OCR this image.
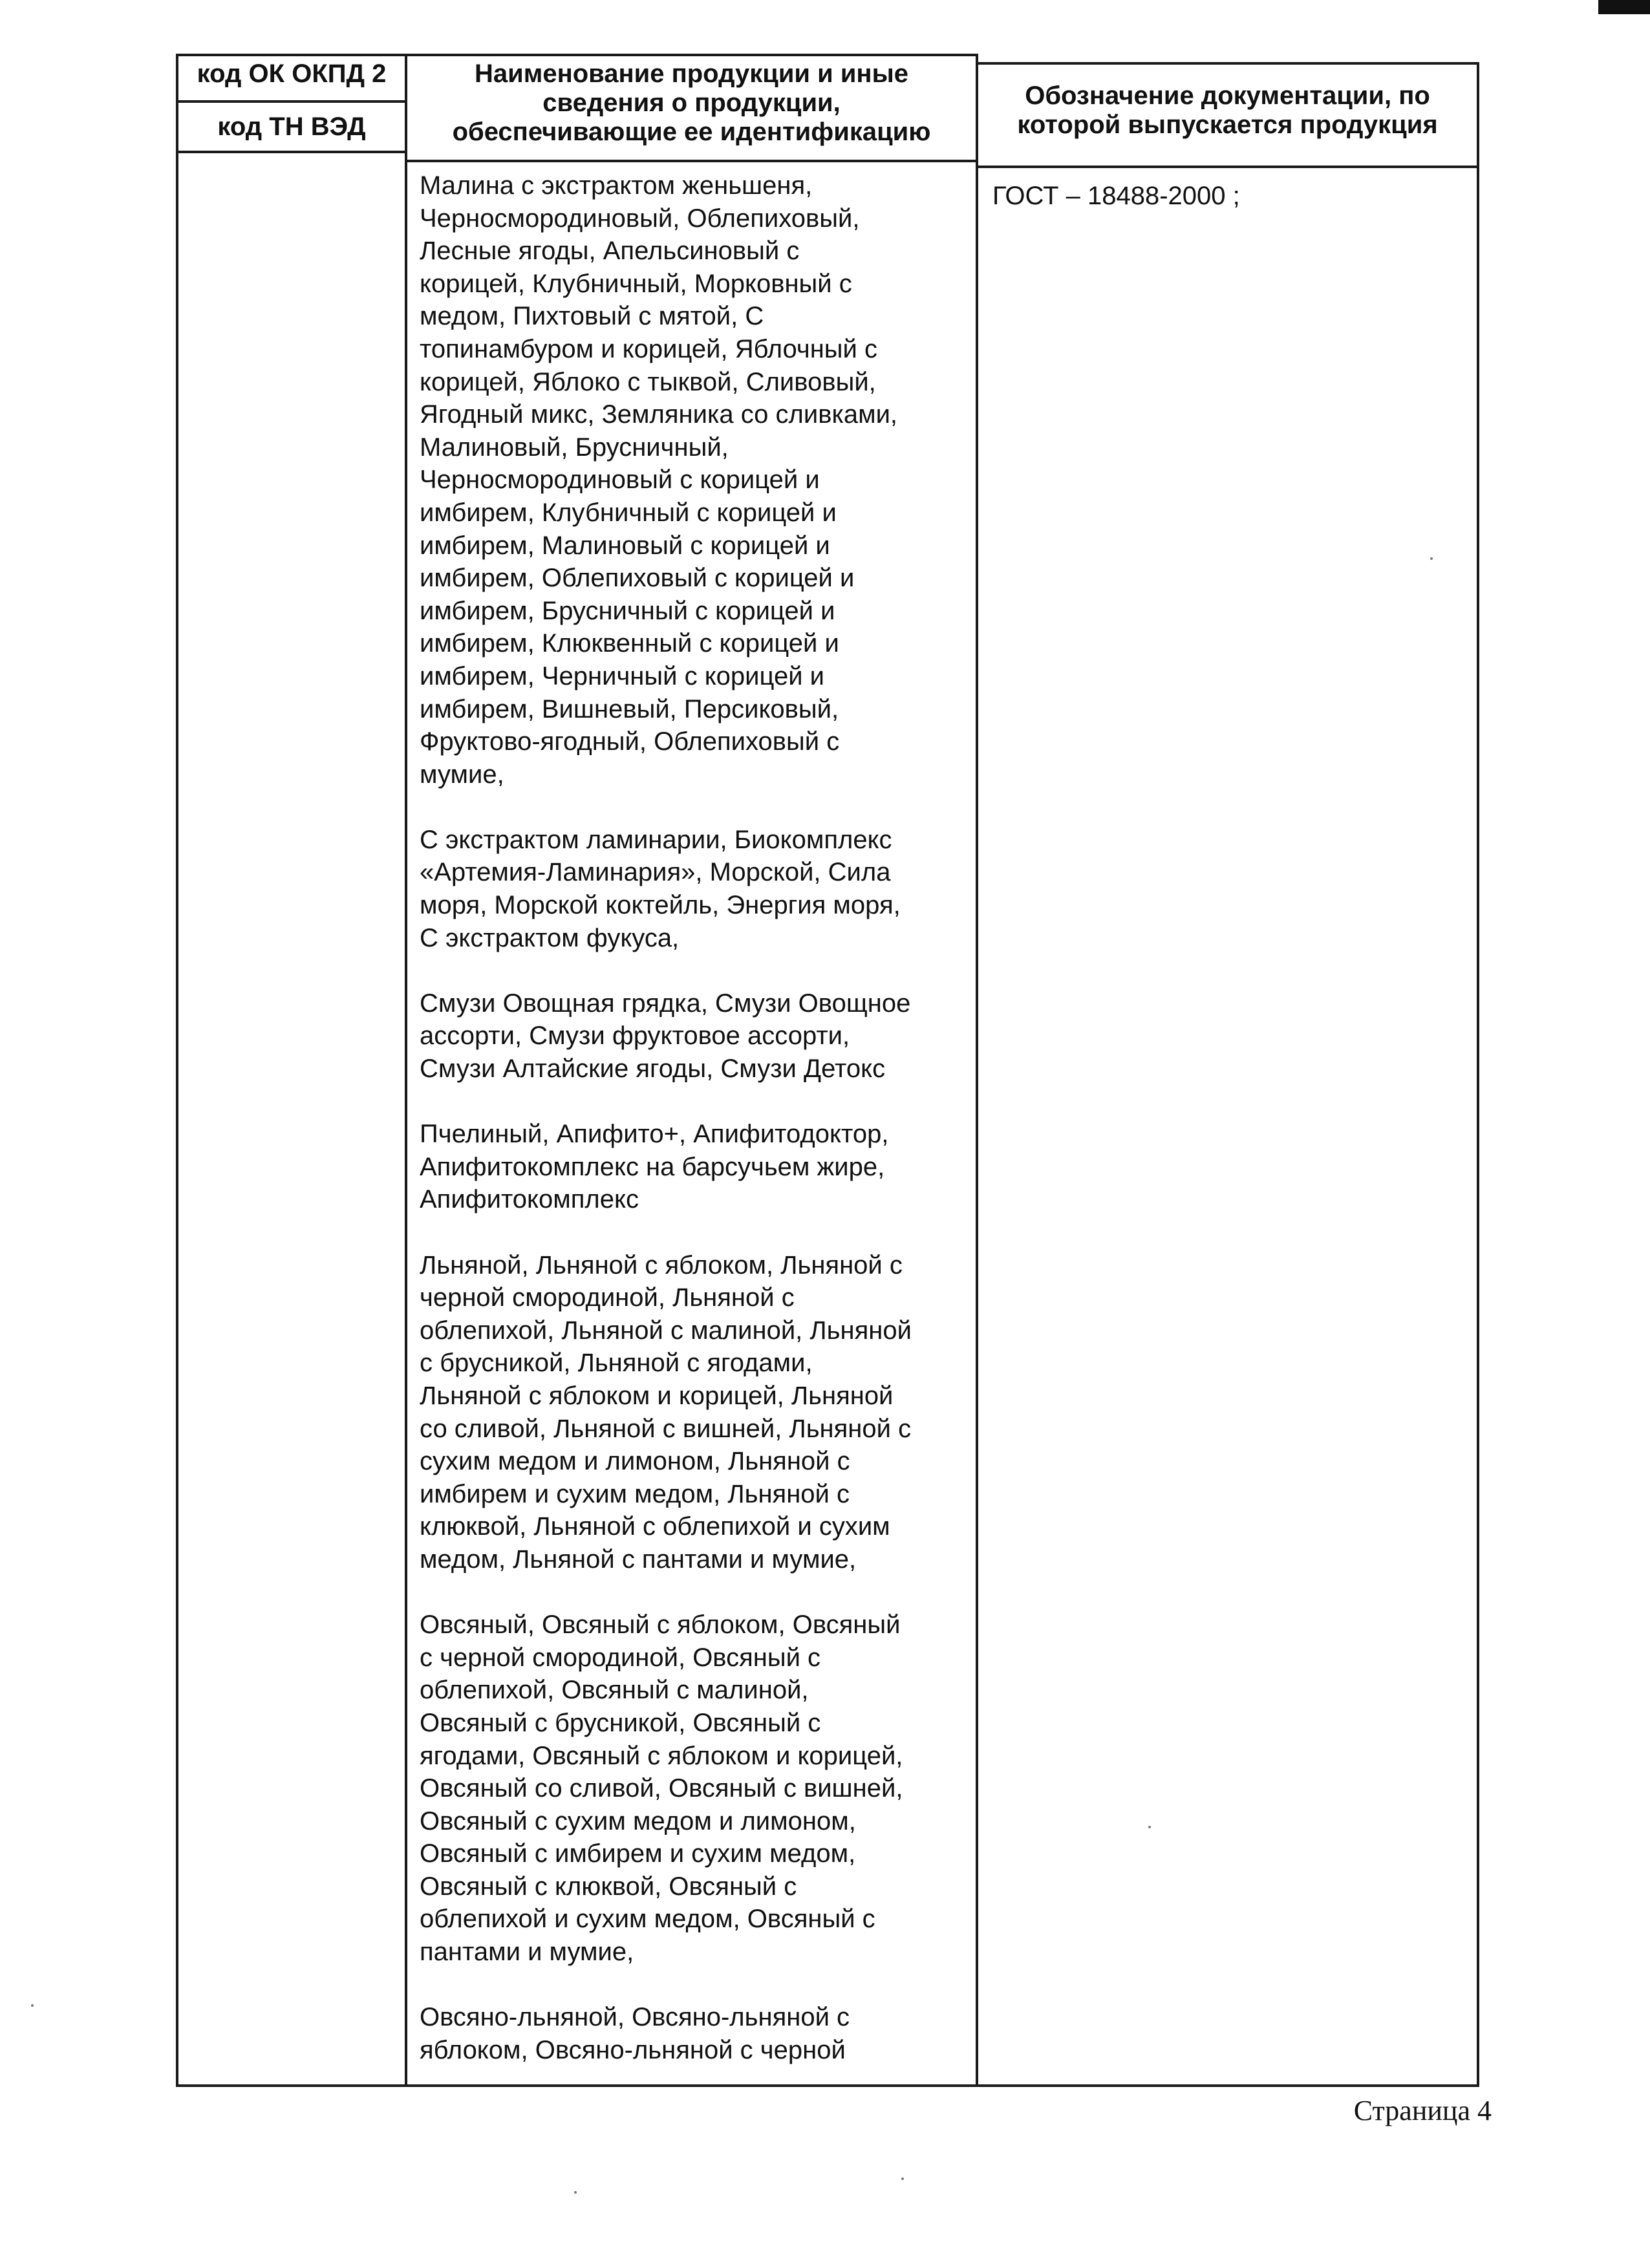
код ОК ОКПД 2
код ТН ВЭД
Наименование продукции и иные
сведения о продукции,
обеспечивающие ее идентификацию
Обозначение документации, по
которой выпускается продукция

Малина с экстрактом женьшеня,
Черносмородиновый, Облепиховый,
Лесные ягоды, Апельсиновый с
корицей, Клубничный, Морковный с
медом, Пихтовый с мятой, С
топинамбуром и корицей, Яблочный с
корицей, Яблоко с тыквой, Сливовый,
Ягодный микс, Земляника со сливками,
Малиновый, Брусничный,
Черносмородиновый с корицей и
имбирем, Клубничный с корицей и
имбирем, Малиновый с корицей и
имбирем, Облепиховый с корицей и
имбирем, Брусничный с корицей и
имбирем, Клюквенный с корицей и
имбирем, Черничный с корицей и
имбирем, Вишневый, Персиковый,
Фруктово-ягодный, Облепиховый с
мумие,

С экстрактом ламинарии, Биокомплекс
«Артемия-Ламинария», Морской, Сила
моря, Морской коктейль, Энергия моря,
С экстрактом фукуса,

Смузи Овощная грядка, Смузи Овощное
ассорти, Смузи фруктовое ассорти,
Смузи Алтайские ягоды, Смузи Детокс

Пчелиный, Апифито+, Апифитодоктор,
Апифитокомплекс на барсучьем жире,
Апифитокомплекс

Льняной, Льняной с яблоком, Льняной с
черной смородиной, Льняной с
облепихой, Льняной с малиной, Льняной
с брусникой, Льняной с ягодами,
Льняной с яблоком и корицей, Льняной
со сливой, Льняной с вишней, Льняной с
сухим медом и лимоном, Льняной с
имбирем и сухим медом, Льняной с
клюквой, Льняной с облепихой и сухим
медом, Льняной с пантами и мумие,

Овсяный, Овсяный с яблоком, Овсяный
с черной смородиной, Овсяный с
облепихой, Овсяный с малиной,
Овсяный с брусникой, Овсяный с
ягодами, Овсяный с яблоком и корицей,
Овсяный со сливой, Овсяный с вишней,
Овсяный с сухим медом и лимоном,
Овсяный с имбирем и сухим медом,
Овсяный с клюквой, Овсяный с
облепихой и сухим медом, Овсяный с
пантами и мумие,

Овсяно-льняной, Овсяно-льняной с
яблоком, Овсяно-льняной с черной

ГОСТ – 18488-2000 ;
Страница 4
